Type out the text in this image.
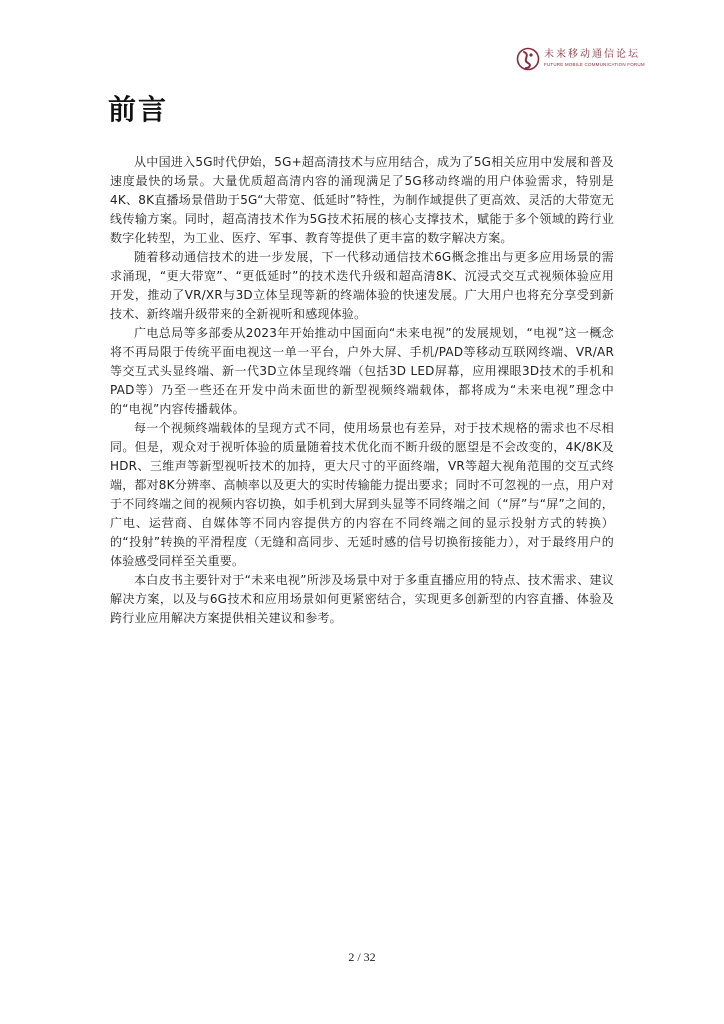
未来移动通信论坛
FUTURE MOBILE COMMUNICATION FORUM
前言

从中国进入5G时代伊始，5G+超高清技术与应用结合，成为了5G相关应用中发展和普及速度最快的场景。大量优质超高清内容的涌现满足了5G移动终端的用户体验需求，特别是4K、8K直播场景借助于5G“大带宽、低延时”特性，为制作域提供了更高效、灵活的大带宽无线传输方案。同时，超高清技术作为5G技术拓展的核心支撑技术，赋能于多个领域的跨行业数字化转型，为工业、医疗、军事、教育等提供了更丰富的数字解决方案。

随着移动通信技术的进一步发展，下一代移动通信技术6G概念推出与更多应用场景的需求涌现，“更大带宽”、“更低延时”的技术迭代升级和超高清8K、沉浸式交互式视频体验应用开发，推动了VR/XR与3D立体呈现等新的终端体验的快速发展。广大用户也将充分享受到新技术、新终端升级带来的全新视听和感现体验。

广电总局等多部委从2023年开始推动中国面向“未来电视”的发展规划，“电视”这一概念将不再局限于传统平面电视这一单一平台，户外大屏、手机/PAD等移动互联网终端、VR/AR等交互式头显终端、新一代3D立体呈现终端（包括3D LED屏幕，应用裸眼3D技术的手机和PAD等）乃至一些还在开发中尚未面世的新型视频终端载体，都将成为“未来电视”理念中的“电视”内容传播载体。

每一个视频终端载体的呈现方式不同，使用场景也有差异，对于技术规格的需求也不尽相同。但是，观众对于视听体验的质量随着技术优化而不断升级的愿望是不会改变的，4K/8K及HDR、三维声等新型视听技术的加持，更大尺寸的平面终端，VR等超大视角范围的交互式终端，都对8K分辨率、高帧率以及更大的实时传输能力提出要求；同时不可忽视的一点，用户对于不同终端之间的视频内容切换，如手机到大屏到头显等不同终端之间（“屏”与“屏”之间的，广电、运营商、自媒体等不同内容提供方的内容在不同终端之间的显示投射方式的转换）的“投射”转换的平滑程度（无缝和高同步、无延时感的信号切换衔接能力），对于最终用户的体验感受同样至关重要。

本白皮书主要针对于“未来电视”所涉及场景中对于多重直播应用的特点、技术需求、建议解决方案，以及与6G技术和应用场景如何更紧密结合，实现更多创新型的内容直播、体验及跨行业应用解决方案提供相关建议和参考。

2 / 32
